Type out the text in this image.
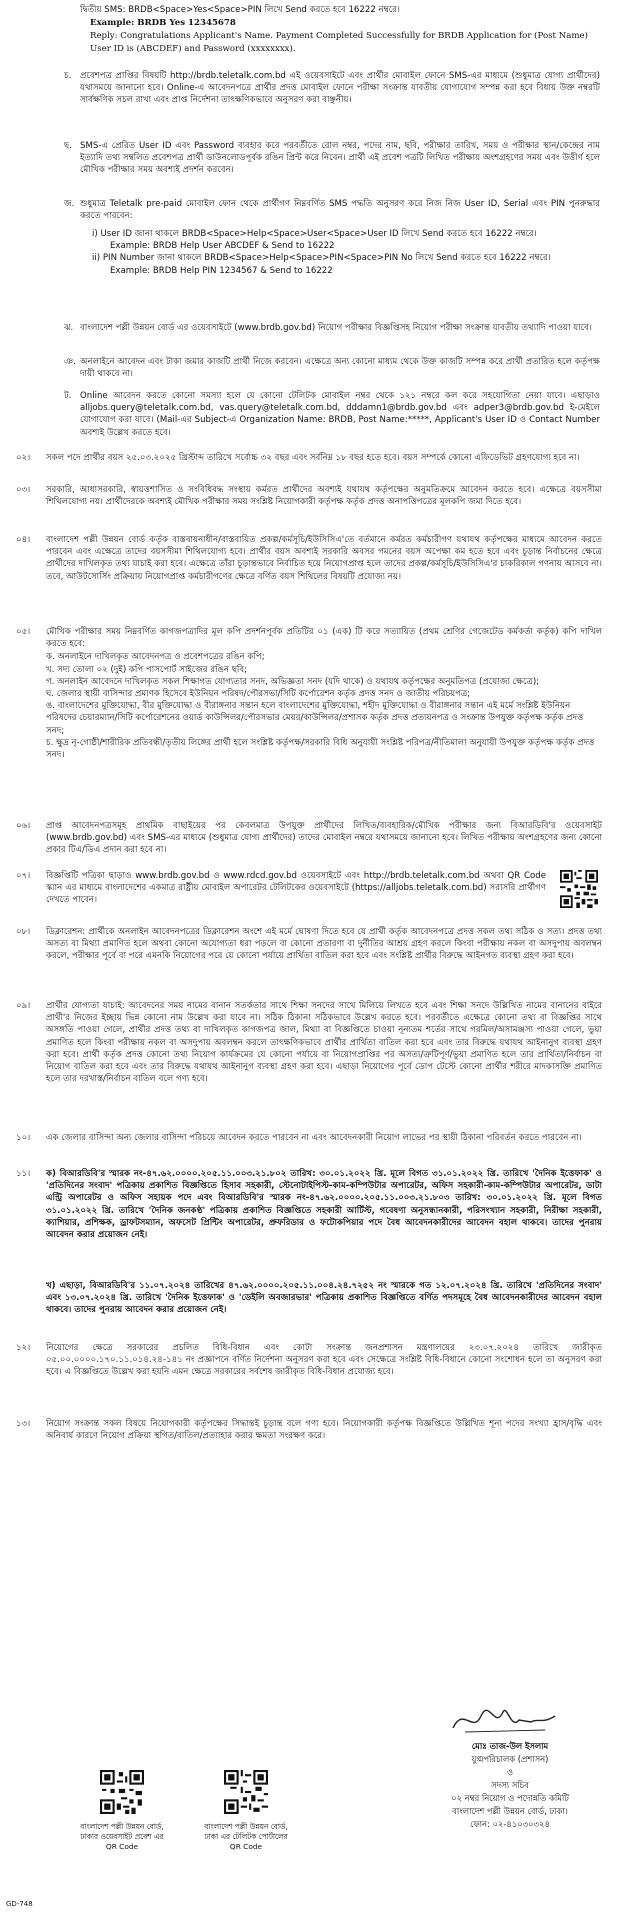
দ্বিতীয় SMS: BRDB<Space>Yes<Space>PIN লিখে Send করতে হবে 16222 নম্বরে।

Example: BRDB Yes 12345678

Reply: Congratulations Applicant's Name. Payment Completed Successfully for BRDB Application for (Post Name) User ID is (ABCDEF) and Password (xxxxxxxx).

চ.	প্রবেশপত্র প্রাপ্তির বিষয়টি http://brdb.teletalk.com.bd এই ওয়েবসাইটে এবং প্রার্থীর মোবাইল ফোনে SMS-এর মাধ্যমে (শুধুমাত্র যোগ্য প্রার্থীদের) যথাসময়ে জানানো হবে। Online-এ আবেদনপত্রে প্রার্থীর প্রদত্ত মোবাইল ফোনে পরীক্ষা সংক্রান্ত যাবতীয় যোগাযোগ সম্পন্ন করা হবে বিধায় উক্ত নম্বরটি সার্বক্ষণিক সচল রাখা এবং প্রাপ্ত নির্দেশনা তাৎক্ষণিকভাবে অনুসরণ করা বাঞ্ছনীয়।
ছ. SMS-এ প্রেরিত User ID এবং Password ব্যবহার করে পরবর্তীতে রোল নম্বর, পদের নাম, ছবি, পরীক্ষার তারিখ, সময় ও পরীক্ষার স্থান/কেন্দ্রের নাম ইত্যাদি তথ্য সম্বলিত প্রবেশপত্র প্রার্থী ডাউনলোডপূর্বক রঙিন প্রিন্ট করে নিবেন। প্রার্থী এই প্রবেশ পত্রটি লিখিত পরীক্ষায় অংশগ্রহণের সময় এবং উত্তীর্ণ হলে মৌখিক পরীক্ষার সময় অবশ্যই প্রদর্শন করবেন।
জ. শুধুমাত্র Teletalk pre-paid মোবাইল ফোন থেকে প্রার্থীগণ নিম্নবর্ণিত SMS পদ্ধতি অনুসরণ করে নিজ নিজ User ID, Serial এবং PIN পুনরুদ্ধার করতে পারবেন:
i) User ID জানা থাকলে BRDB<Space>Help<Space>User<Space>User ID লিখে Send করতে হবে 16222 নম্বরে।
Example: BRDB Help User ABCDEF & Send to 16222
ii) PIN Number জানা থাকলে BRDB<Space>Help<Space>PIN<Space>PIN No লিখে Send করতে হবে 16222 নম্বরে।
Example: BRDB Help PIN 1234567 & Send to 16222
ঝ. বাংলাদেশ পল্লী উন্নয়ন বোর্ড এর ওয়েবসাইটে (www.brdb.gov.bd) নিয়োগ পরীক্ষার বিজ্ঞপ্তিসহ নিয়োগ পরীক্ষা সংক্রান্ত যাবতীয় তথ্যাদি পাওয়া যাবে।
ঞ. অনলাইনে আবেদন এবং টাকা জমার কাজটি প্রার্থী নিজে করবেন। এক্ষেত্রে অন্য কোনো মাধ্যম থেকে উক্ত কাজটি সম্পন্ন করে প্রার্থী প্রতারিত হলে কর্তৃপক্ষ দায়ী থাকবে না।
ট. Online আবেদন করতে কোনো সমস্যা হলে যে কোনো টেলিটক মোবাইল নম্বর থেকে ১২১ নম্বরে কল করে সহযোগিতা নেয়া যাবে। এছাড়াও alljobs.query@teletalk.com.bd, vas.query@teletalk.com.bd, dddamn1@brdb.gov.bd এবং adper3@brdb.gov.bd ই-মেইলে যোগাযোগ করা যাবে। (Mail-এর Subject-এ Organization Name: BRDB, Post Name:*****, Applicant's User ID ও Contact Number অবশ্যই উল্লেখ করতে হবে।
০২।	সকল পদে প্রার্থীর বয়স ২৫.০৩.২০২৫ খ্রিস্টাব্দ তারিখে সর্বোচ্চ ৩২ বছর এবং সর্বনিম্ন ১৮ বছর হতে হবে। বয়স সম্পর্কে কোনো এফিডেভিট গ্রহণযোগ্য হবে না।
০৩।	সরকারি, আধাসরকারি, স্বায়ত্তশাসিত ও সংবিধিবদ্ধ সংস্থায় কর্মরত প্রার্থীদের অবশ্যই যথাযথ কর্তৃপক্ষের অনুমতিক্রমে আবেদন করতে হবে। এক্ষেত্রে বয়সসীমা শিথিলযোগ্য নয়। প্রার্থীদেরকে অবশ্যই মৌখিক পরীক্ষার সময় সংশ্লিষ্ট নিয়োগকারী কর্তৃপক্ষ কর্তৃক প্রদত্ত অনাপত্তিপত্রের মূলকপি জমা দিতে হবে।
০৪।	বাংলাদেশ পল্লী উন্নয়ন বোর্ড কর্তৃক বাস্তবায়নাধীন/বাস্তবায়িত প্রকল্প/কর্মসূচি/ইউসিসিএ'তে বর্তমানে কর্মরত কর্মচারীগণ যথাযথ কর্তৃপক্ষের মাধ্যমে আবেদন করতে পারবেন এবং এক্ষেত্রে তাদের বয়সসীমা শিথিলযোগ্য হবে। প্রার্থীর বয়স অবশ্যই সরকারি অবসর গমনের বয়স অপেক্ষা কম হতে হবে এবং চূড়ান্ত নির্বাচনের ক্ষেত্রে প্রার্থীদের দাখিলকৃত তথ্য যাচাই করা হবে। এক্ষেত্রে তাঁরা চূড়ান্তভাবে নির্বাচিত হয়ে নিয়োগপ্রাপ্ত হলে তাদের প্রকল্প/কর্মসূচি/ইউসিসিএ'র চাকরিকাল গণনায় আসবে না। তবে, আউটসোর্সিং প্রক্রিয়ায় নিয়োগপ্রাপ্ত কর্মচারীগণের ক্ষেত্রে বর্ণিত বয়স শিথিলের বিষয়টি প্রযোজ্য নয়।
০৫।	মৌখিক পরীক্ষার সময় নিম্নবর্ণিত কাগজপত্রাদির মূল কপি প্রদর্শনপূর্বক প্রতিটির ০১ (এক) টি করে সত্যায়িত (প্রথম শ্রেণির গেজেটেড কর্মকর্তা কর্তৃক) কপি দাখিল করতে হবে:

ক. অনলাইনে দাখিলকৃত আবেদনপত্র ও প্রবেশপত্রের রঙিন কপি;

খ. সদ্য তোলা ০২ (দুই) কপি পাসপোর্ট সাইজের রঙিন ছবি;

গ. অনলাইন আবেদনে দাখিলকৃত সকল শিক্ষাগত যোগ্যতার সনদ, অভিজ্ঞতা সনদ (যদি থাকে) ও যথাযথ কর্তৃপক্ষের অনুমতিপত্র (প্রযোজ্য ক্ষেত্রে);

ঘ. জেলার স্থায়ী বাসিন্দার প্রমাণক হিসেবে ইউনিয়ন পরিষদ/পৌরসভা/সিটি কর্পোরেশন কর্তৃক প্রদত্ত সনদ ও জাতীয় পরিচয়পত্র;

ঙ. বাংলাদেশের মুক্তিযোদ্ধা, বীর মুক্তিযোদ্ধা ও বীরাঙ্গনার সন্তান হলে বাংলাদেশের মুক্তিযোদ্ধা, শহীদ মুক্তিযোদ্ধা ও বীরাঙ্গনার সন্তান এই মর্মে সংশ্লিষ্ট ইউনিয়ন পরিষদের চেয়ারম্যান/সিটি কর্পোরেশনের ওয়ার্ড কাউন্সিলর/পৌরসভার মেয়র/কাউন্সিলর/প্রশাসক কর্তৃক প্রদত্ত প্রত্যয়নপত্র ও সংক্রান্ত উপযুক্ত কর্তৃপক্ষ কর্তৃক প্রদত্ত সনদ;

চ. ক্ষুদ্র নৃ-গোষ্ঠী/শারীরিক প্রতিবন্ধী/তৃতীয় লিঙ্গের প্রার্থী হলে সংশ্লিষ্ট কর্তৃপক্ষ/সরকারি বিধি অনুযায়ী সংশ্লিষ্ট পরিপত্র/নীতিমালা অনুযায়ী উপযুক্ত কর্তৃপক্ষ কর্তৃক প্রদত্ত সনদ।

০৬।	প্রাপ্ত আবেদনপত্রসমূহ প্রাথমিক বাছাইয়ের পর কেবলমাত্র উপযুক্ত প্রার্থীদের লিখিত/ব্যবহারিক/মৌখিক পরীক্ষার জন্য বিআরডিবি'র ওয়েবসাইট (www.brdb.gov.bd) এবং SMS-এর মাধ্যমে (শুধুমাত্র যোগ্য প্রার্থীদের) তাদের মোবাইল নম্বরে যথাসময়ে জানানো হবে। লিখিত পরীক্ষায় অংশগ্রহণের জন্য কোনো প্রকার টিএ/ডিএ প্রদান করা হবে না।
০৭।	বিজ্ঞপ্তিটি পত্রিকা ছাড়াও www.brdb.gov.bd ও www.rdcd.gov.bd ওয়েবসাইটে এবং http://brdb.teletalk.com.bd অথবা QR Code স্ক্যান এর মাধ্যমে বাংলাদেশের একমাত্র রাষ্ট্রীয় মোবাইল অপারেটর টেলিটকের ওয়েবসাইটে (https://alljobs.teletalk.com.bd) সরাসরি প্রার্থীগণ দেখতে পাবেন।
০৮।	ডিক্লারেশন: প্রার্থীকে অনলাইন আবেদনপত্রের ডিক্লারেশন অংশে এই মর্মে ঘোষণা দিতে হবে যে প্রার্থী কর্তৃক আবেদনপত্রে প্রদত্ত সকল তথ্য সঠিক ও সত্য। প্রদত্ত তথ্য অসত্য বা মিথ্যা প্রমাণিত হলে অথবা কোনো অযোগ্যতা ধরা পড়লে বা কোনো প্রতারণা বা দুর্নীতির আশ্রয় গ্রহণ করলে কিংবা পরীক্ষায় নকল বা অসদুপায় অবলম্বন করলে, পরীক্ষার পূর্বে বা পরে এমনকি নিয়োগের পরে যে কোনো পর্যায়ে প্রার্থিতা বাতিল করা হবে এবং সংশ্লিষ্ট প্রার্থীর বিরুদ্ধে আইনগত ব্যবস্থা গ্রহণ করা হবে।
০৯।	প্রার্থীর যোগ্যতা যাচাই: আবেদনের সময় নামের বানান সতর্কতার সাথে শিক্ষা সনদের সাথে মিলিয়ে লিখতে হবে এবং শিক্ষা সনদে উল্লিখিত নামের বানানের বাইরে প্রার্থী'র নিজের ইচ্ছায় ভিন্ন কোনো নাম উল্লেখ করা যাবে না। সঠিক ঠিকানা সঠিকভাবে উল্লেখ করতে হবে। পরবর্তীতে এক্ষেত্রে কোনো তথ্য বা বিজ্ঞপ্তির সাথে অসঙ্গতি পাওয়া গেলে, প্রার্থীর প্রদত্ত তথ্য বা দাখিলকৃত কাগজপত্র জাল, মিথ্যা বা বিজ্ঞপ্তিতে চাওয়া নূন্যতম শর্তের সাথে গরমিল/অসামঞ্জস্য পাওয়া গেলে, ভুয়া প্রমাণিত হলে কিংবা পরীক্ষায় নকল বা অসদুপায় অবলম্বন করলে তাৎক্ষণিকভাবে প্রার্থীর প্রার্থিতা বাতিল করা হবে এবং তার বিরুদ্ধে যথাযথ আইনানুগ ব্যবস্থা গ্রহণ করা হবে। প্রার্থী কর্তৃক প্রদত্ত কোনো তথ্য নিয়োগ কার্যক্রমের যে কোনো পর্যায়ে বা নিয়োগপ্রাপ্তির পর অসত্য/ত্রুটিপূর্ণ/ভুয়া প্রমাণিত হলে তার প্রার্থিতা/নির্বাচন বা নিয়োগ বাতিল করা হবে এবং তার বিরুদ্ধে যথাযথ আইনানুগ ব্যবস্থা গ্রহণ করা হবে। এছাড়া নিয়োগের পূর্বে ডোপ টেস্টে কোনো প্রার্থীর শরীরে মাদকাসক্তি প্রমাণিত হলে তার দরখাস্ত/নির্বাচন বাতিল বলে গণ্য হবে।
১০।	এক জেলার বাসিন্দা অন্য জেলার বাসিন্দা পরিচয়ে আবেদন করতে পারবেন না এবং আবেদনকারী নিয়োগ লাভের পর স্থায়ী ঠিকানা পরিবর্তন করতে পারবেন না।
১১।	ক) বিআরডিবি'র স্মারক নং-৪৭.৬২.০০০০.২০৫.১১.০০৩.২১.৮০২ তারিখ: ৩০.০১.২০২২ খ্রি. মূলে বিগত ৩১.০১.২০২২ খ্রি. তারিখে 'দৈনিক ইত্তেফাক' ও 'প্রতিদিনের সংবাদ' পত্রিকায় প্রকাশিত বিজ্ঞপ্তিতে হিসাব সহকারী, স্টেনোটাইপিস্ট-কাম-কম্পিউটার অপারেটর, অফিস সহকারী-কাম-কম্পিউটার অপারেটর, ডাটা এন্ট্রি অপারেটর ও অফিস সহায়ক পদে এবং বিআরডিবি'র স্মারক নং-৪৭.৬২.০০০০.২০৫.১১.০০৩.২১.৮০৩ তারিখ: ৩০.০১.২০২২ খ্রি. মূলে বিগত ৩১.০১.২০২২ খ্রি. তারিখে 'দৈনিক জনকণ্ঠ' পত্রিকায় প্রকাশিত বিজ্ঞপ্তিতে সহকারী আর্টিস্ট, গবেষণা অনুসন্ধানকারী, পরিসংখ্যান সহকারী, নিরীক্ষা সহকারী, ক্যাশিয়ার, প্রশিক্ষক, ড্রাফটসম্যান, অফসেট প্রিন্টিং অপারেটর, প্রুফরিডার ও ফটোকপিয়ার পদে বৈধ আবেদনকারীদের আবেদন বহাল থাকবে। তাদের পুনরায় আবেদন করার প্রয়োজন নেই।
খ) এছাড়া, বিআরডিবি'র ১১.০৭.২০২৪ তারিখের ৪৭.৬২.০০০০.২০৫.১১.০০৪.২৪.৭২৫২ নং স্মারকে গত ১২.০৭.২০২৪ খ্রি. তারিখে 'প্রতিদিনের সংবাদ' এবং ১৩.০৭.২০২৪ খ্রি. তারিখে 'দৈনিক ইত্তেফাক' ও 'ডেইলি অবজারভার' পত্রিকায় প্রকাশিত বিজ্ঞপ্তিতে বর্ণিত পদসমূহে বৈধ আবেদনকারীদের আবেদন বহাল থাকবে। তাদের পুনরায় আবেদন করার প্রয়োজন নেই।
১২।	নিয়োগের ক্ষেত্রে সরকারের প্রচলিত বিধি-বিধান এবং কোটা সংক্রান্ত জনপ্রশাসন মন্ত্রণালয়ের ২৩.০৭.২০২৪ তারিখে জারীকৃত ০৫.০০.০০০০.১৭০.১১.০১৪.২৪-১৪১ নং প্রজ্ঞাপনে বর্ণিত নির্দেশনা অনুসরণ করা হবে এবং সেক্ষেত্রে সংশ্লিষ্ট বিধি-বিধানে কোনো সংশোধন হলে তা অনুসরণ করা হবে। এ বিজ্ঞপ্তিতে উল্লেখ করা হয়নি এমন ক্ষেত্রে সরকারের সর্বশেষ জারীকৃত বিধি-বিধান প্রযোজ্য হবে।
১৩।	নিয়োগ সংক্রান্ত সকল বিষয়ে নিয়োগকারী কর্তৃপক্ষের সিদ্ধান্তই চূড়ান্ত বলে গণ্য হবে। নিয়োগকারী কর্তৃপক্ষ বিজ্ঞপ্তিতে উল্লিখিত শূন্য পদের সংখ্যা হ্রাস/বৃদ্ধি এবং অনিবার্য কারণে নিয়োগ প্রক্রিয়া স্থগিত/বাতিল/প্রত্যাহার করার ক্ষমতা সংরক্ষণ করে।
মোঃ তাজ-উল ইসলাম
যুগ্মপরিচালক (প্রশাসন)
ও
সদস্য সচিব
০২ নম্বর নিয়োগ ও পদোন্নতি কমিটি
বাংলাদেশ পল্লী উন্নয়ন বোর্ড, ঢাকা।
ফোন: ০২-৪১০৩০৩২৪
বাংলাদেশ পল্লী উন্নয়ন বোর্ড, ঢাকার ওয়েবসাইট প্রবেশ এর QR Code
বাংলাদেশ পল্লী উন্নয়ন বোর্ড, ঢাকা এর টেলিটক পোর্টালের QR Code
GD-748
